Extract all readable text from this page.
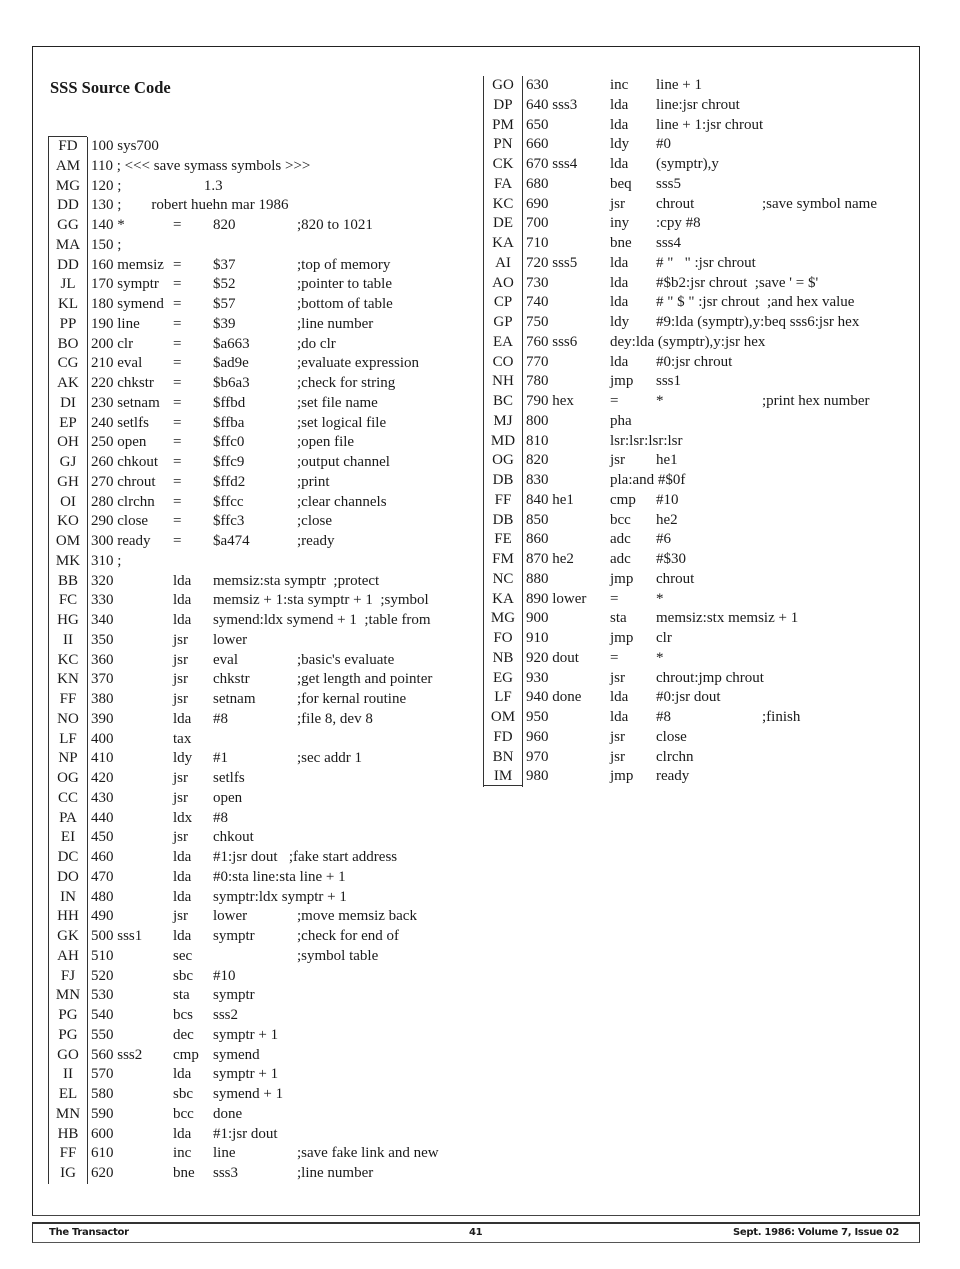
SSS Source Code
FD 100 sys700
AM 110 ; <<< save symass symbols >>>
MG 120 ;                      1.3
DD 130 ;        robert huehn mar 1986
GG 140 *	=	820	;820 to 1021
MA 150 ;
DD 160 memsiz =	$37	;top of memory
JL	170 symptr =	$52	;pointer to table
KL 180 symend =	$57	;bottom of table
PP 190 line	=	$39	;line number
BO 200 clr	=	$a663	;do clr
CG 210 eval	=	$ad9e	;evaluate expression
AK 220 chkstr	=	$b6a3	;check for string
DI	230 setnam =	$ffbd	;set file name
EP 240 setlfs	=	$ffba	;set logical file
OH 250 open	=	$ffc0	;open file
GJ 260 chkout =	$ffc9	;output channel
GH 270 chrout	=	$ffd2	;print
OI	280 clrchn	=	$ffcc	;clear channels
KO 290 close	=	$ffc3	;close
OM 300 ready	=	$a474	;ready
MK 310 ;
BB 320	lda	memsiz:sta symptr  ;protect
FC 330	lda	memsiz + 1:sta symptr + 1  ;symbol
HG 340	lda	symend:ldx symend + 1  ;table from
II	350	jsr	lower
KC 360	jsr	eval	;basic's evaluate
KN 370	jsr	chkstr	;get length and pointer
FF 380	jsr	setnam	;for kernal routine
NO 390	lda	#8	;file 8, dev 8
LF 400	tax
NP 410	ldy	#1	;sec addr 1
OG 420	jsr	setlfs
CC 430	jsr	open
PA 440	ldx	#8
EI	450	jsr	chkout
DC 460	lda	#1:jsr dout   ;fake start address
DO 470	lda	#0:sta line:sta line + 1
IN	480	lda	symptr:ldx symptr + 1
HH 490	jsr	lower	;move memsiz back
GK 500 sss1	lda	symptr	;check for end of
AH 510	sec	;symbol table
FJ	520	sbc	#10
MN 530	sta	symptr
PG 540	bcs	sss2
PG 550	dec	symptr + 1
GO 560 sss2	cmp symend
II	570	lda	symptr + 1
EL 580	sbc	symend + 1
MN 590	bcc	done
HB 600	lda	#1:jsr dout
FF 610	inc	line	;save fake link and new
IG	620	bne	sss3	;line number
GO 630	inc	line + 1
DP 640 sss3	lda	line:jsr chrout
PM 650	lda	line + 1:jsr chrout
PN 660	ldy	#0
CK 670 sss4	lda	(symptr),y
FA 680	beq	sss5
KC 690	jsr	chrout	;save symbol name
DE 700	iny	:cpy #8
KA 710	bne	sss4
AI	720 sss5	lda	# "   " :jsr chrout
AO 730	lda	#$b2:jsr chrout  ;save ' = $'
CP 740	lda	# " $ " :jsr chrout  ;and hex value
GP 750	ldy	#9:lda (symptr),y:beq sss6:jsr hex
EA 760 sss6	dey:lda (symptr),y:jsr hex
CO 770	lda	#0:jsr chrout
NH 780	jmp	sss1
BC 790 hex	=	*	;print hex number
MJ 800	pha
MD 810	lsr:lsr:lsr:lsr
OG 820	jsr	he1
DB 830	pla:and #$0f
FF 840 he1	cmp	#10
DB 850	bcc	he2
FE 860	adc	#6
FM 870 he2	adc	#$30
NC 880	jmp	chrout
KA 890 lower	=	*
MG 900	sta	memsiz:stx memsiz + 1
FO 910	jmp	clr
NB 920 dout	=	*
EG 930	jsr	chrout:jmp chrout
LF 940 done	lda	#0:jsr dout
OM 950	lda	#8	;finish
FD 960	jsr	close
BN 970	jsr	clrchn
IM 980	jmp	ready
The Transactor	41	Sept. 1986: Volume 7, Issue 02
